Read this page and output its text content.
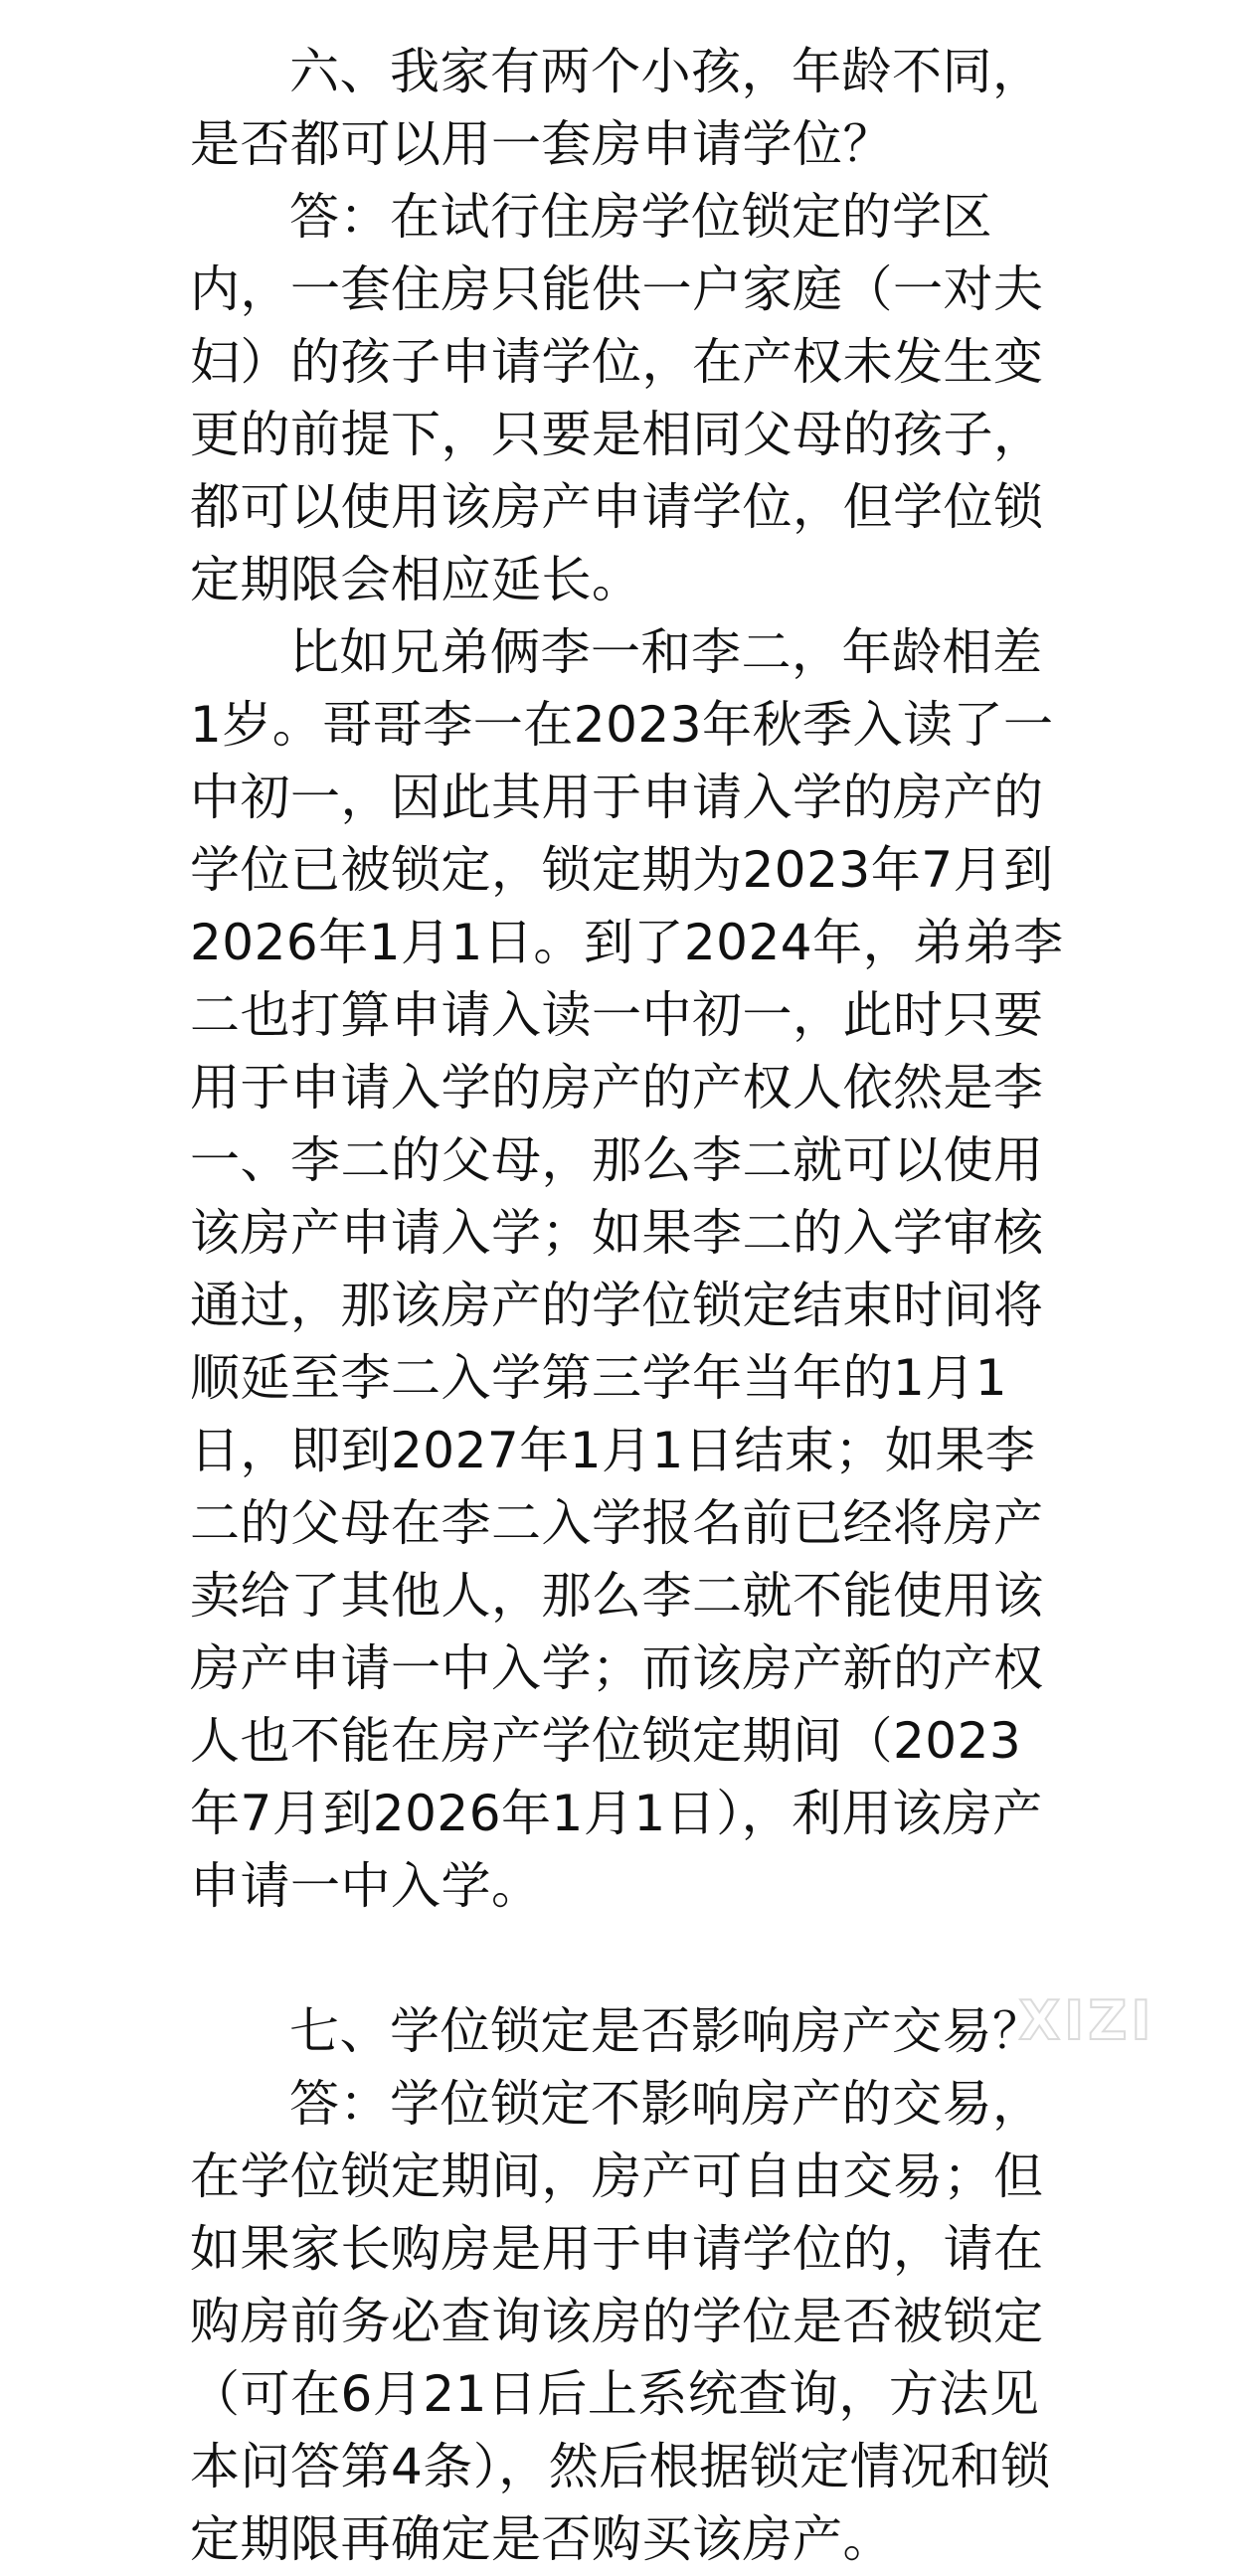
六、我家有两个小孩，年龄不同，是否都可以用一套房申请学位？

答：在试行住房学位锁定的学区内，一套住房只能供一户家庭（一对夫妇）的孩子申请学位，在产权未发生变更的前提下，只要是相同父母的孩子，都可以使用该房产申请学位，但学位锁定期限会相应延长。

比如兄弟俩李一和李二，年龄相差1岁。哥哥李一在2023年秋季入读了一中初一，因此其用于申请入学的房产的学位已被锁定，锁定期为2023年7月到2026年1月1日。到了2024年，弟弟李二也打算申请入读一中初一，此时只要用于申请入学的房产的产权人依然是李一、李二的父母，那么李二就可以使用该房产申请入学；如果李二的入学审核通过，那该房产的学位锁定结束时间将顺延至李二入学第三学年当年的1月1日，即到2027年1月1日结束；如果李二的父母在李二入学报名前已经将房产卖给了其他人，那么李二就不能使用该房产申请一中入学；而该房产新的产权人也不能在房产学位锁定期间（2023年7月到2026年1月1日），利用该房产申请一中入学。

七、学位锁定是否影响房产交易？

答：学位锁定不影响房产的交易，在学位锁定期间，房产可自由交易；但如果家长购房是用于申请学位的，请在购房前务必查询该房的学位是否被锁定（可在6月21日后上系统查询，方法见本问答第4条），然后根据锁定情况和锁定期限再确定是否购买该房产。

XIZI
